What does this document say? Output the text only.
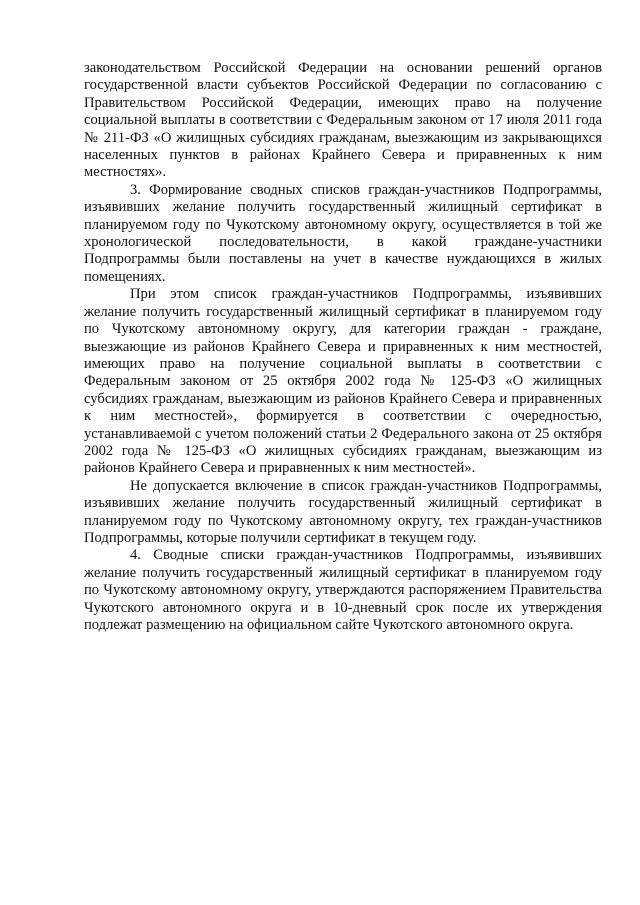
законодательством Российской Федерации на основании решений органов государственной власти субъектов Российской Федерации по согласованию с Правительством Российской Федерации, имеющих право на получение социальной выплаты в соответствии с Федеральным законом от 17 июля 2011 года № 211-ФЗ «О жилищных субсидиях гражданам, выезжающим из закрывающихся населенных пунктов в районах Крайнего Севера и приравненных к ним местностях».

3. Формирование сводных списков граждан-участников Подпрограммы, изъявивших желание получить государственный жилищный сертификат в планируемом году по Чукотскому автономному округу, осуществляется в той же хронологической последовательности, в какой граждане-участники Подпрограммы были поставлены на учет в качестве нуждающихся в жилых помещениях.

При этом список граждан-участников Подпрограммы, изъявивших желание получить государственный жилищный сертификат в планируемом году по Чукотскому автономному округу, для категории граждан - граждане, выезжающие из районов Крайнего Севера и приравненных к ним местностей, имеющих право на получение социальной выплаты в соответствии с Федеральным законом от 25 октября 2002 года № 125-ФЗ «О жилищных субсидиях гражданам, выезжающим из районов Крайнего Севера и приравненных к ним местностей», формируется в соответствии с очередностью, устанавливаемой с учетом положений статьи 2 Федерального закона от 25 октября 2002 года № 125-ФЗ «О жилищных субсидиях гражданам, выезжающим из районов Крайнего Севера и приравненных к ним местностей».

Не допускается включение в список граждан-участников Подпрограммы, изъявивших желание получить государственный жилищный сертификат в планируемом году по Чукотскому автономному округу, тех граждан-участников Подпрограммы, которые получили сертификат в текущем году.

4. Сводные списки граждан-участников Подпрограммы, изъявивших желание получить государственный жилищный сертификат в планируемом году по Чукотскому автономному округу, утверждаются распоряжением Правительства Чукотского автономного округа и в 10-дневный срок после их утверждения подлежат размещению на официальном сайте Чукотского автономного округа.
